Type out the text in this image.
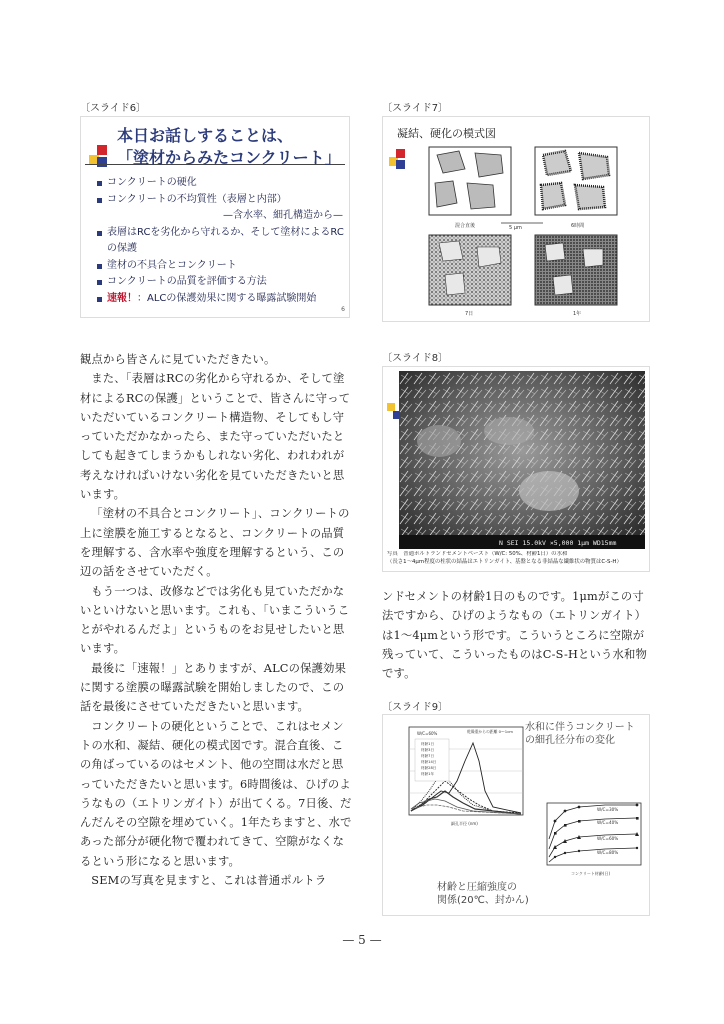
〔スライド6〕
本日お話しすることは、
「塗材からみたコンクリート」
コンクリートの硬化
コンクリートの不均質性（表層と内部）
—含水率、細孔構造から—
表層はRCを劣化から守れるか、そして塗材によるRCの保護
塗材の不具合とコンクリート
コンクリートの品質を評価する方法
速報！：ALCの保護効果に関する曝露試験開始
6
〔スライド7〕
凝結、硬化の模式図
5 μm
混合直後	6時間
7日	1年

観点から皆さんに見ていただきたい。

また、「表層はRCの劣化から守れるか、そして塗材によるRCの保護」ということで、皆さんに守っていただいているコンクリート構造物、そしてもし守っていただかなかったら、また守っていただいたとしても起きてしまうかもしれない劣化、われわれが考えなければいけない劣化を見ていただきたいと思います。

「塗材の不具合とコンクリート」、コンクリートの上に塗膜を施工するとなると、コンクリートの品質を理解する、含水率や強度を理解するという、この辺の話をさせていただく。

もう一つは、改修などでは劣化も見ていただかないといけないと思います。これも、「いまこういうことがやれるんだよ」というものをお見せしたいと思います。

最後に「速報！」とありますが、ALCの保護効果に関する塗膜の曝露試験を開始しましたので、この話を最後にさせていただきたいと思います。

コンクリートの硬化ということで、これはセメントの水和、凝結、硬化の模式図です。混合直後、この角ばっているのはセメント、他の空間は水だと思っていただきたいと思います。6時間後は、ひげのようなもの（エトリンガイト）が出てくる。7日後、だんだんその空隙を埋めていく。1年たちますと、水であった部分が硬化物で覆われてきて、空隙がなくなるという形になると思います。

SEMの写真を見ますと、これは普通ポルトラ

〔スライド8〕
N SEI 15.0kV ×5,000 1μm WD15mm
写真　普通ポルトランドセメントペースト（W/C: 50%、材齢1日）の水和
（長さ1～4μm程度の柱状の結晶はエトリンガイト、基盤となる非結晶な繊維状の物質はC-S-H）

ンドセメントの材齢1日のものです。1μmがこの寸法ですから、ひげのようなもの（エトリンガイト）は1～4μmという形です。こういうところに空隙が残っていて、こういったものはC-S-Hという水和物です。

〔スライド9〕
水和に伴うコンクリート
の細孔径分布の変化
材齢と圧縮強度の
関係(20℃、封かん)
W/C=60%	乾燥重からの距離 0～1cm
材齢1日
材齢3日
材齢7日
材齢14日
材齢28日
材齢1年
細孔半径 (nm)
W/C=30%
W/C=40%
W/C=60%
W/C=80%
コンクリート材齢(日)
— 5 —
